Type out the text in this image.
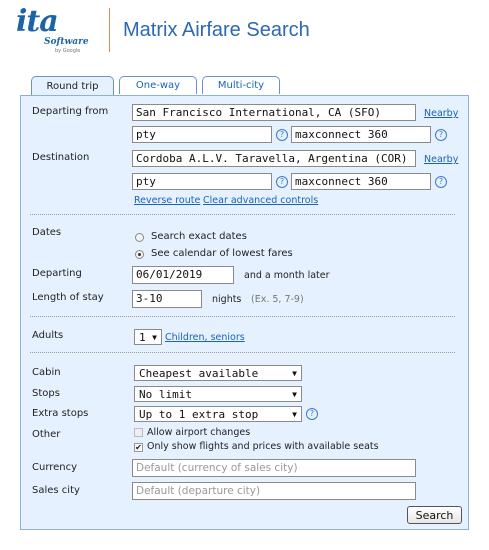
ita
Software
by Google
Matrix Airfare Search
Round trip	One-way	Multi-city
Departing from	San Francisco International, CA (SFO)	Nearby
pty	? maxconnect 360	?
Destination	Cordoba A.L.V. Taravella, Argentina (COR)	Nearby
pty	? maxconnect 360	?
Reverse route Clear advanced controls
Dates	Search exact dates
See calendar of lowest fares
Departing	06/01/2019	and a month later
Length of stay	3-10	nights (Ex. 5, 7-9)
Adults	1 ▼ Children, seniors
Cabin	Cheapest available	▼
Stops	No limit	▼
Extra stops	Up to 1 extra stop	▼	?
Other	Allow airport changes
✔ Only show flights and prices with available seats
Currency	Default (currency of sales city)
Sales city	Default (departure city)
Search
